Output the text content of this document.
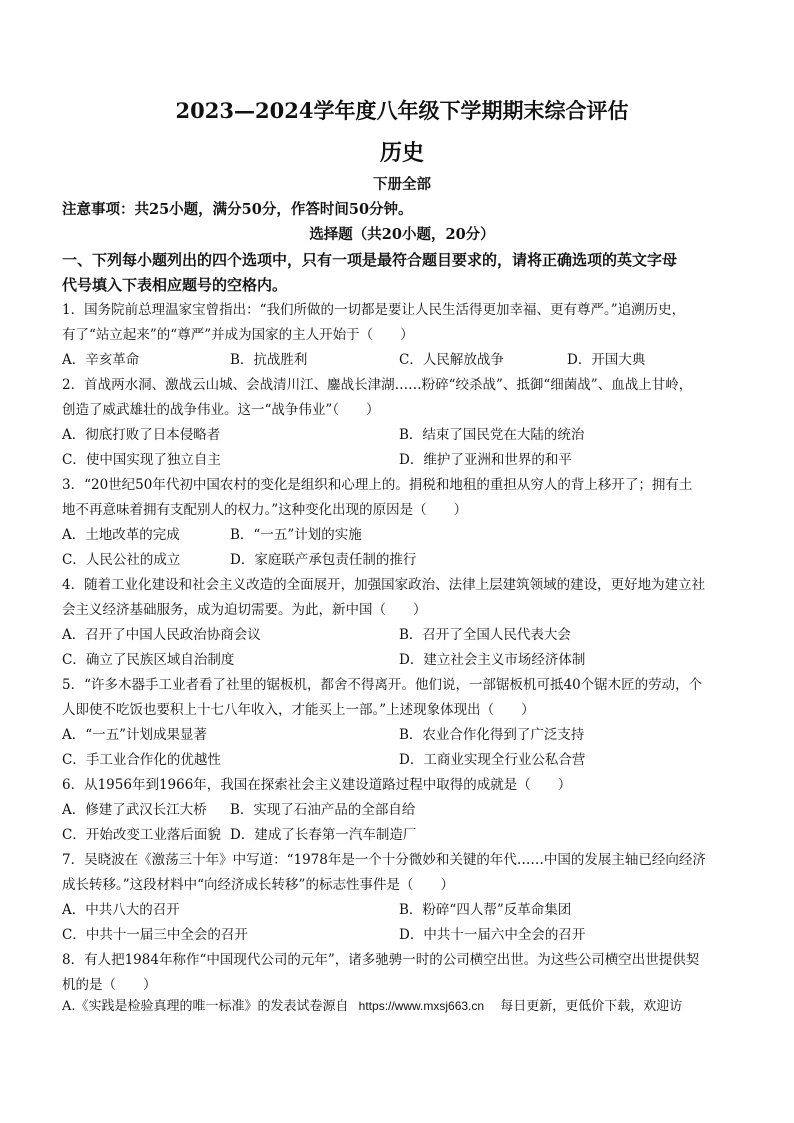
2023—2024学年度八年级下学期期末综合评估
历史
下册全部
注意事项：共25小题，满分50分，作答时间50分钟。
选择题（共20小题，20分）
一、下列每小题列出的四个选项中，只有一项是最符合题目要求的，请将正确选项的英文字母
代号填入下表相应题号的空格内。
1．国务院前总理温家宝曾指出：“我们所做的一切都是要让人民生活得更加幸福、更有尊严。”追溯历史，
有了“站立起来”的“尊严”并成为国家的主人开始于（　　）
A．辛亥革命	B．抗战胜利	C．人民解放战争	D．开国大典
2．首战两水洞、激战云山城、会战清川江、鏖战长津湖……粉碎“绞杀战”、抵御“细菌战”、血战上甘岭，
创造了威武雄壮的战争伟业。这一“战争伟业”（　　）
A．彻底打败了日本侵略者	B．结束了国民党在大陆的统治
C．使中国实现了独立自主	D．维护了亚洲和世界的和平
3．“20世纪50年代初中国农村的变化是组织和心理上的。捐税和地租的重担从穷人的背上移开了；拥有土
地不再意味着拥有支配别人的权力。”这种变化出现的原因是（　　）
A．土地改革的完成	B．“一五”计划的实施
C．人民公社的成立	D．家庭联产承包责任制的推行
4．随着工业化建设和社会主义改造的全面展开，加强国家政治、法律上层建筑领域的建设，更好地为建立社
会主义经济基础服务，成为迫切需要。为此，新中国（　　）
A．召开了中国人民政治协商会议	B．召开了全国人民代表大会
C．确立了民族区域自治制度	D．建立社会主义市场经济体制
5．“许多木器手工业者看了社里的锯板机，都舍不得离开。他们说，一部锯板机可抵40个锯木匠的劳动，个
人即使不吃饭也要积上十七八年收入，才能买上一部。”上述现象体现出（　　）
A．“一五”计划成果显著	B．农业合作化得到了广泛支持
C．手工业合作化的优越性	D．工商业实现全行业公私合营
6．从1956年到1966年，我国在探索社会主义建设道路过程中取得的成就是（　　）
A．修建了武汉长江大桥 B．实现了石油产品的全部自给
C．开始改变工业落后面貌 D．建成了长春第一汽车制造厂
7．吴晓波在《激荡三十年》中写道：“1978年是一个十分微妙和关键的年代……中国的发展主轴已经向经济
成长转移。”这段材料中“向经济成长转移”的标志性事件是（　　）
A．中共八大的召开	B．粉碎“四人帮”反革命集团
C．中共十一届三中全会的召开	D．中共十一届六中全会的召开
8．有人把1984年称作“中国现代公司的元年”，诸多驰骋一时的公司横空出世。为这些公司横空出世提供契
机的是（　　）
A.《实践是检验真理的唯一标准》的发表试卷源自 https://www.mxsj663.cn 每日更新，更低价下载，欢迎访
